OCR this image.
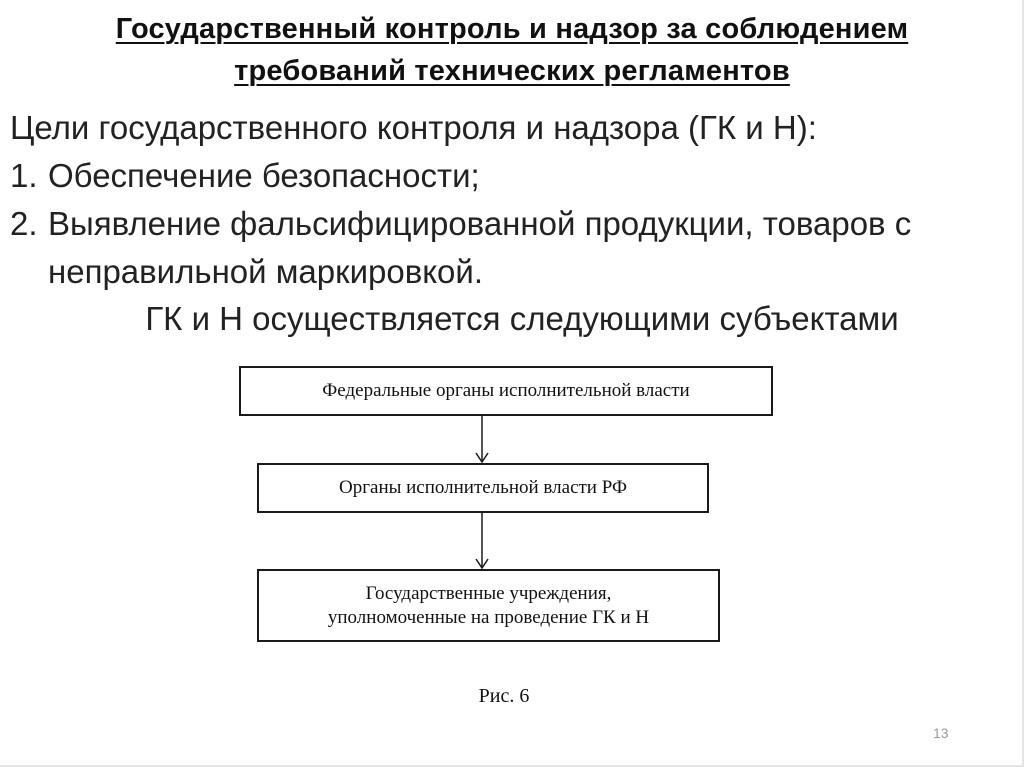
Государственный контроль и надзор за соблюдением
требований технических регламентов
Цели государственного контроля и надзора (ГК и Н):
1. Обеспечение безопасности;
2. Выявление фальсифицированной продукции, товаров с неправильной маркировкой.
ГК и Н осуществляется следующими субъектами
Федеральные органы исполнительной власти
Органы исполнительной власти РФ
Государственные учреждения,
уполномоченные на проведение ГК и Н
Рис. 6
13
